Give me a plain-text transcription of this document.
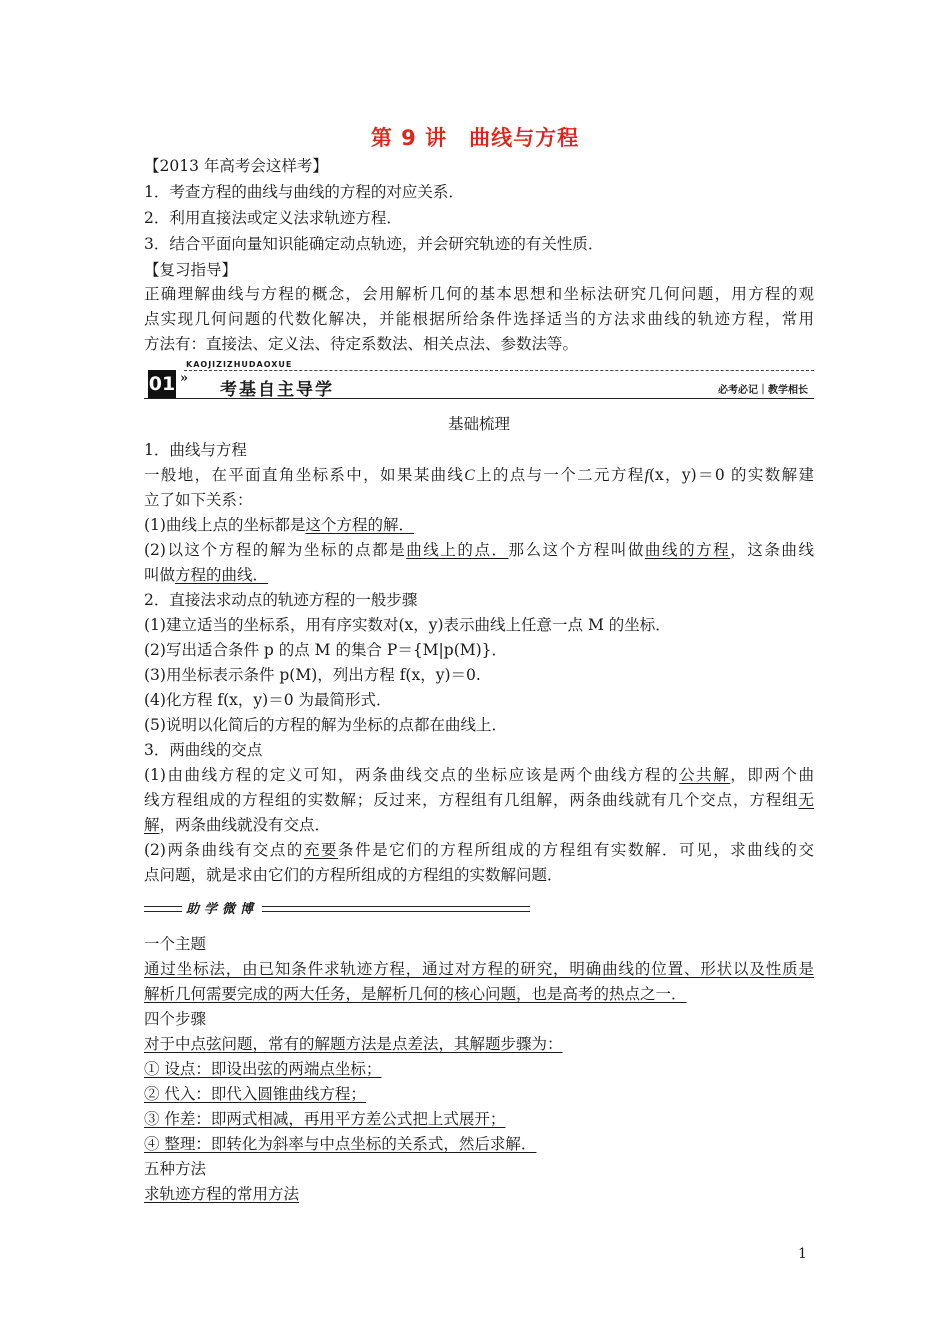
第 9 讲　曲线与方程
【2013 年高考会这样考】
1．考查方程的曲线与曲线的方程的对应关系．
2．利用直接法或定义法求轨迹方程．
3．结合平面向量知识能确定动点轨迹，并会研究轨迹的有关性质．
【复习指导】
正确理解曲线与方程的概念，会用解析几何的基本思想和坐标法研究几何问题，用方程的观
点实现几何问题的代数化解决，并能根据所给条件选择适当的方法求曲线的轨迹方程，常用
方法有：直接法、定义法、待定系数法、相关点法、参数法等。
KAOJIZIZHUDAOXUE
01 »
考基自主导学	必考必记｜教学相长
基础梳理
1．曲线与方程
一般地，在平面直角坐标系中，如果某曲线C上的点与一个二元方程f(x，y)＝0 的实数解建
立了如下关系：
(1)曲线上点的坐标都是这个方程的解．
(2)以这个方程的解为坐标的点都是曲线上的点．那么这个方程叫做曲线的方程，这条曲线
叫做方程的曲线．
2．直接法求动点的轨迹方程的一般步骤
(1)建立适当的坐标系，用有序实数对(x，y)表示曲线上任意一点 M 的坐标．
(2)写出适合条件 p 的点 M 的集合 P＝{M|p(M)}．
(3)用坐标表示条件 p(M)，列出方程 f(x，y)＝0.
(4)化方程 f(x，y)＝0 为最简形式．
(5)说明以化简后的方程的解为坐标的点都在曲线上．
3．两曲线的交点
(1)由曲线方程的定义可知，两条曲线交点的坐标应该是两个曲线方程的公共解，即两个曲
线方程组成的方程组的实数解；反过来，方程组有几组解，两条曲线就有几个交点，方程组无
解，两条曲线就没有交点．
(2)两条曲线有交点的充要条件是它们的方程所组成的方程组有实数解．可见，求曲线的交
点问题，就是求由它们的方程所组成的方程组的实数解问题．
助学微博
一个主题
通过坐标法，由已知条件求轨迹方程，通过对方程的研究，明确曲线的位置、形状以及性质是
解析几何需要完成的两大任务，是解析几何的核心问题，也是高考的热点之一．
四个步骤
对于中点弦问题，常有的解题方法是点差法，其解题步骤为：
① 设点：即设出弦的两端点坐标；
② 代入：即代入圆锥曲线方程；
③ 作差：即两式相减，再用平方差公式把上式展开；
④ 整理：即转化为斜率与中点坐标的关系式，然后求解．
五种方法
求轨迹方程的常用方法
1
